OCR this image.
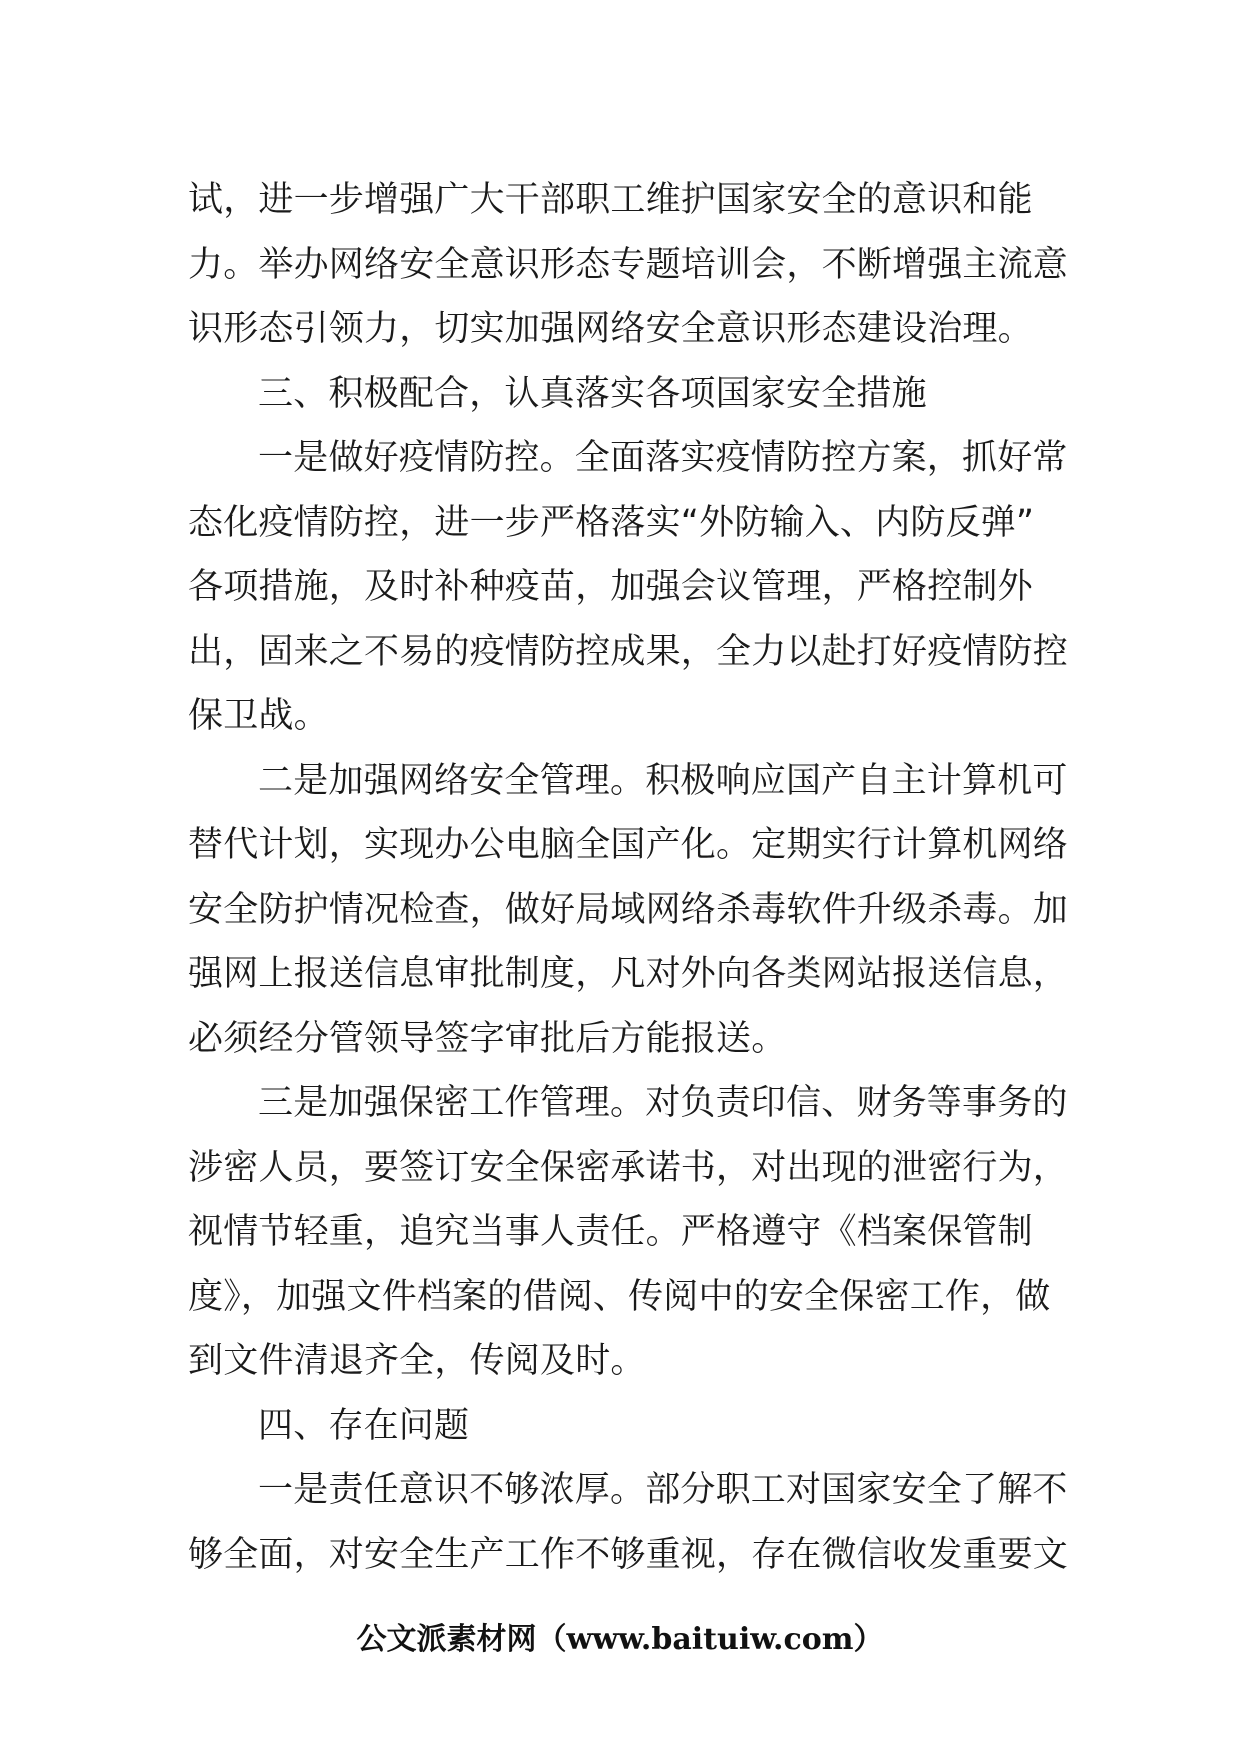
试，进一步增强广大干部职工维护国家安全的意识和能
力。举办网络安全意识形态专题培训会，不断增强主流意
识形态引领力，切实加强网络安全意识形态建设治理。
三、积极配合，认真落实各项国家安全措施
一是做好疫情防控。全面落实疫情防控方案，抓好常
态化疫情防控，进一步严格落实“外防输入、内防反弹”
各项措施，及时补种疫苗，加强会议管理，严格控制外
出，固来之不易的疫情防控成果，全力以赴打好疫情防控
保卫战。
二是加强网络安全管理。积极响应国产自主计算机可
替代计划，实现办公电脑全国产化。定期实行计算机网络
安全防护情况检查，做好局域网络杀毒软件升级杀毒。加
强网上报送信息审批制度，凡对外向各类网站报送信息，
必须经分管领导签字审批后方能报送。
三是加强保密工作管理。对负责印信、财务等事务的
涉密人员，要签订安全保密承诺书，对出现的泄密行为，
视情节轻重，追究当事人责任。严格遵守《档案保管制
度》，加强文件档案的借阅、传阅中的安全保密工作，做
到文件清退齐全，传阅及时。
四、存在问题
一是责任意识不够浓厚。部分职工对国家安全了解不
够全面，对安全生产工作不够重视，存在微信收发重要文
公文派素材网（www.baituiw.com）
